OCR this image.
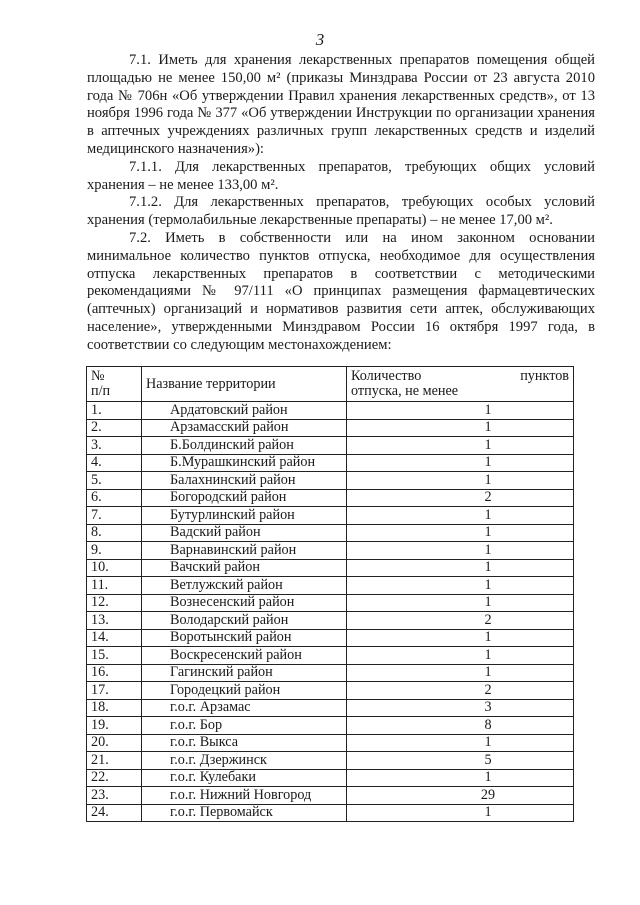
3

7.1. Иметь для хранения лекарственных препаратов помещения общей площадью не менее 150,00 м² (приказы Минздрава России от 23 августа 2010 года № 706н «Об утверждении Правил хранения лекарственных средств», от 13 ноября 1996 года № 377 «Об утверждении Инструкции по организации хранения в аптечных учреждениях различных групп лекарственных средств и изделий медицинского назначения»):

7.1.1. Для лекарственных препаратов, требующих общих условий хранения – не менее 133,00 м².

7.1.2. Для лекарственных препаратов, требующих особых условий хранения (термолабильные лекарственные препараты) – не менее 17,00 м².

7.2. Иметь в собственности или на ином законном основании минимальное количество пунктов отпуска, необходимое для осуществления отпуска лекарственных препаратов в соответствии с методическими рекомендациями № 97/111 «О принципах размещения фармацевтических (аптечных) организаций и нормативов развития сети аптек, обслуживающих население», утвержденными Минздравом России 16 октября 1997 года, в соответствии со следующим местонахождением:

№
п/п	Название территории	Количество пунктов
отпуска, не менее

1.	Ардатовский район	1
2.	Арзамасский район	1
3.	Б.Болдинский район	1
4.	Б.Мурашкинский район	1
5.	Балахнинский район	1
6.	Богородский район	2
7.	Бутурлинский район	1
8.	Вадский район	1
9.	Варнавинский район	1
10.	Вачский район	1
11.	Ветлужский район	1
12.	Вознесенский район	1
13.	Володарский район	2
14.	Воротынский район	1
15.	Воскресенский район	1
16.	Гагинский район	1
17.	Городецкий район	2
18.	г.о.г. Арзамас	3
19.	г.о.г. Бор	8
20.	г.о.г. Выкса	1
21.	г.о.г. Дзержинск	5
22.	г.о.г. Кулебаки	1
23.	г.о.г. Нижний Новгород	29
24.	г.о.г. Первомайск	1
